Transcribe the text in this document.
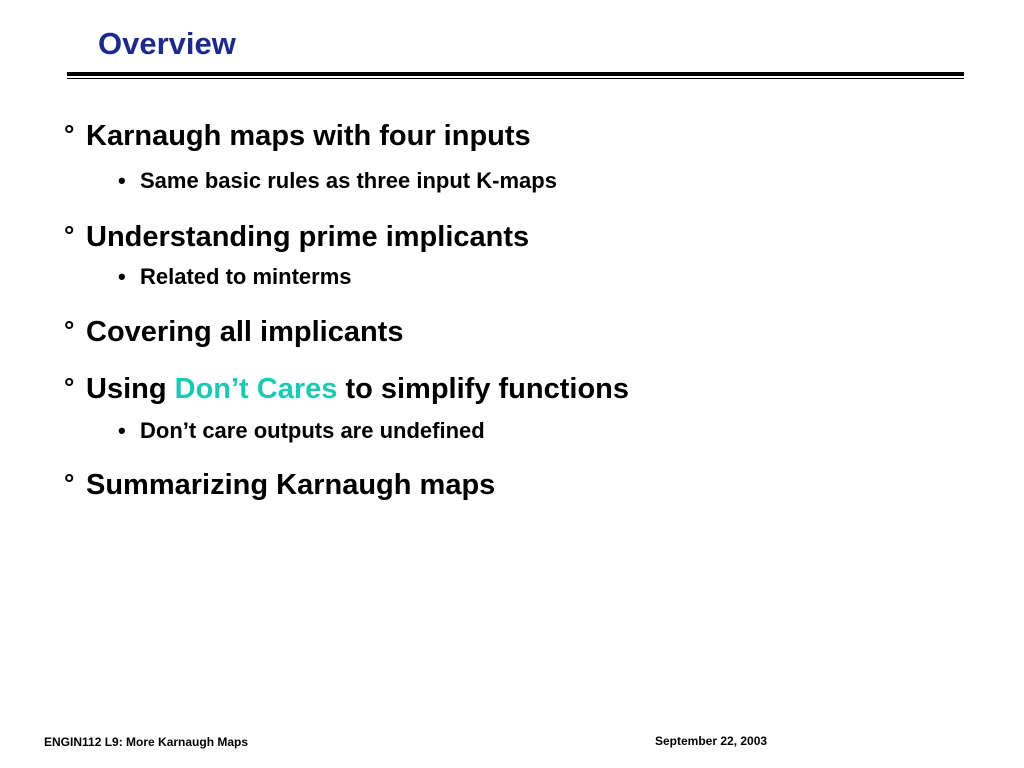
Overview

° Karnaugh maps with four inputs

• Same basic rules as three input K-maps

° Understanding prime implicants

• Related to minterms

° Covering all implicants

° Using Don’t Cares to simplify functions

• Don’t care outputs are undefined

° Summarizing Karnaugh maps

ENGIN112 L9: More Karnaugh Maps	September 22, 2003
